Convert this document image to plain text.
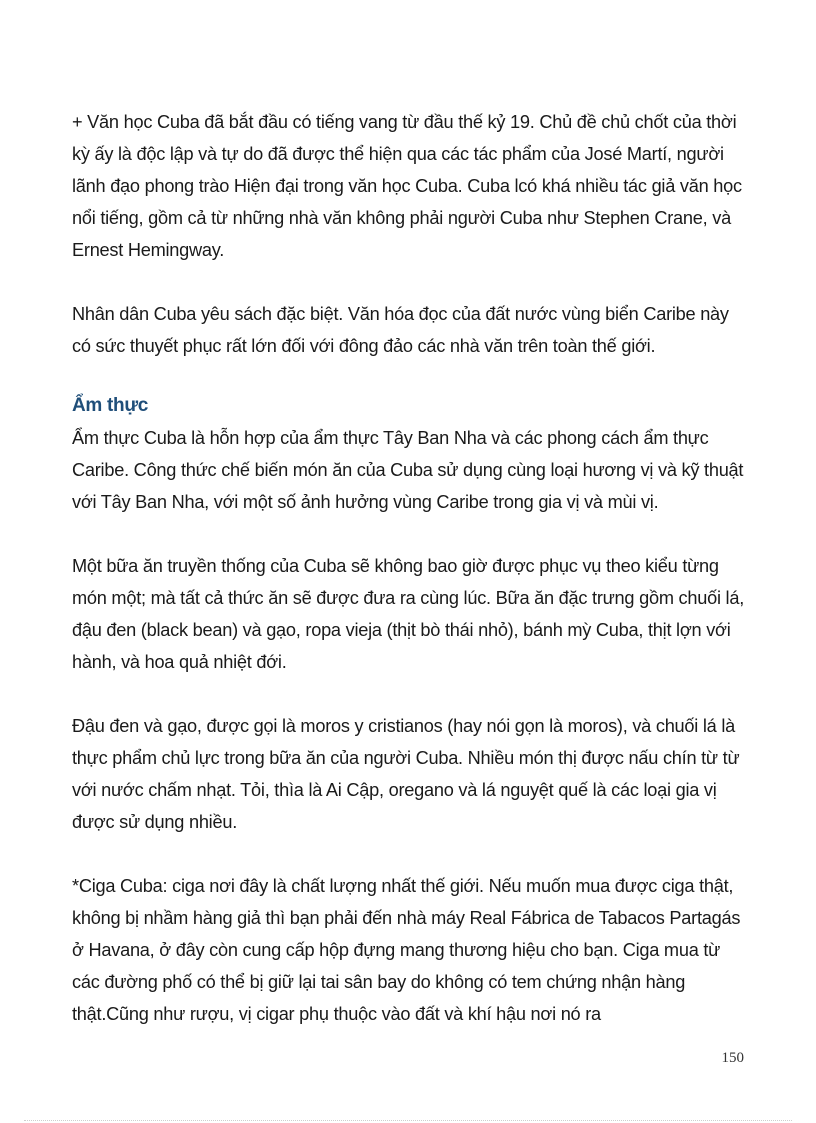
+ Văn học Cuba đã bắt đầu có tiếng vang từ đầu thế kỷ 19. Chủ đề chủ chốt của thời kỳ ấy là độc lập và tự do đã được thể hiện qua các tác phẩm của José Martí, người lãnh đạo phong trào Hiện đại trong văn học Cuba. Cuba lcó khá nhiều tác giả văn học nổi tiếng, gồm cả từ những nhà văn không phải người Cuba như Stephen Crane, và Ernest Hemingway.

Nhân dân Cuba yêu sách đặc biệt. Văn hóa đọc của đất nước vùng biển Caribe này có sức thuyết phục rất lớn đối với đông đảo các nhà văn trên toàn thế giới.

Ẩm thực

Ẩm thực Cuba là hỗn hợp của ẩm thực Tây Ban Nha và các phong cách ẩm thực Caribe. Công thức chế biến món ăn của Cuba sử dụng cùng loại hương vị và kỹ thuật với Tây Ban Nha, với một số ảnh hưởng vùng Caribe trong gia vị và mùi vị.

Một bữa ăn truyền thống của Cuba sẽ không bao giờ được phục vụ theo kiểu từng món một; mà tất cả thức ăn sẽ được đưa ra cùng lúc. Bữa ăn đặc trưng gồm chuối lá, đậu đen (black bean) và gạo, ropa vieja (thịt bò thái nhỏ), bánh mỳ Cuba, thịt lợn với hành, và hoa quả nhiệt đới.

Đậu đen và gạo, được gọi là moros y cristianos (hay nói gọn là moros), và chuối lá là thực phẩm chủ lực trong bữa ăn của người Cuba. Nhiều món thị được nấu chín từ từ với nước chấm nhạt. Tỏi, thìa là Ai Cập, oregano và lá nguyệt quế là các loại gia vị được sử dụng nhiều.

*Ciga Cuba: ciga nơi đây là chất lượng nhất thế giới. Nếu muốn mua được ciga thật, không bị nhầm hàng giả thì bạn phải đến nhà máy Real Fábrica de Tabacos Partagás ở Havana, ở đây còn cung cấp hộp đựng mang thương hiệu cho bạn. Ciga mua từ các đường phố có thể bị giữ lại tai sân bay do không có tem chứng nhận hàng thật.Cũng như rượu, vị cigar phụ thuộc vào đất và khí hậu nơi nó ra

150
